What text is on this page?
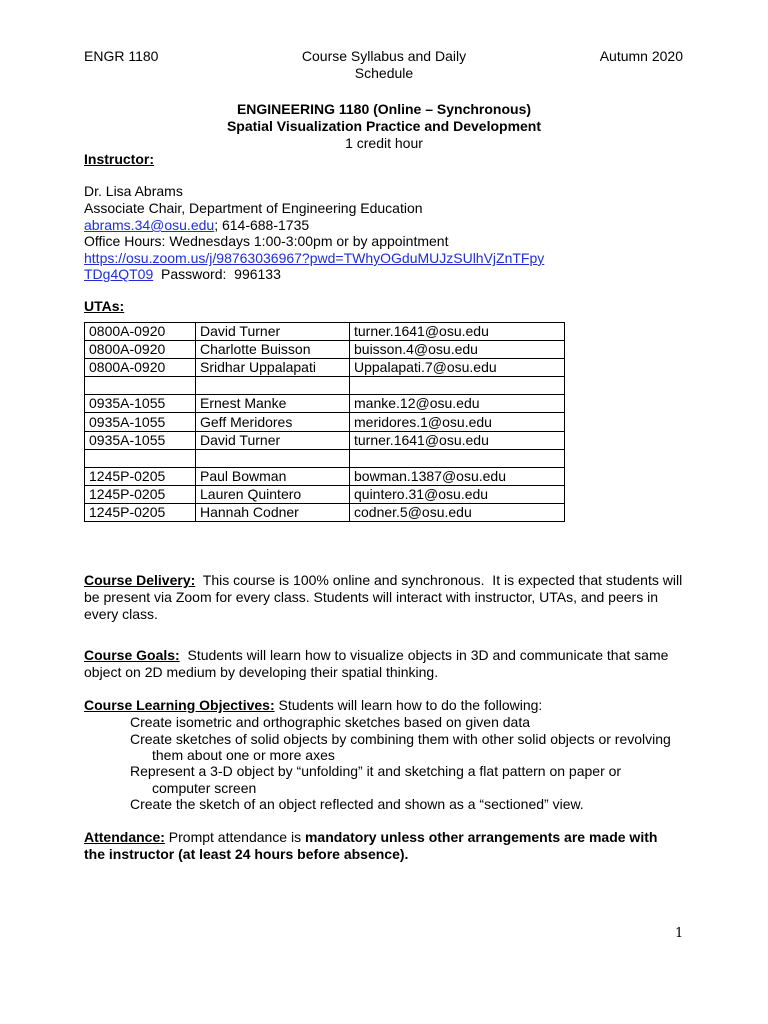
ENGR 1180	Course Syllabus and Daily
Schedule
Autumn 2020
ENGINEERING 1180 (Online – Synchronous)
Spatial Visualization Practice and Development
1 credit hour
Instructor:
Dr. Lisa Abrams
Associate Chair, Department of Engineering Education
abrams.34@osu.edu; 614-688-1735
Office Hours: Wednesdays 1:00-3:00pm or by appointment
https://osu.zoom.us/j/98763036967?pwd=TWhyOGduMUJzSUlhVjZnTFpy
TDg4QT09  Password:  996133
UTAs:
0800A-0920	David Turner	turner.1641@osu.edu
0800A-0920	Charlotte Buisson	buisson.4@osu.edu
0800A-0920	Sridhar Uppalapati	Uppalapati.7@osu.edu

0935A-1055	Ernest Manke	manke.12@osu.edu
0935A-1055	Geff Meridores	meridores.1@osu.edu
0935A-1055	David Turner	turner.1641@osu.edu

1245P-0205	Paul Bowman	bowman.1387@osu.edu
1245P-0205	Lauren Quintero	quintero.31@osu.edu
1245P-0205	Hannah Codner	codner.5@osu.edu
Course Delivery:  This course is 100% online and synchronous.  It is expected that students will be present via Zoom for every class. Students will interact with instructor, UTAs, and peers in every class.
Course Goals:  Students will learn how to visualize objects in 3D and communicate that same object on 2D medium by developing their spatial thinking.
Course Learning Objectives: Students will learn how to do the following:
Create isometric and orthographic sketches based on given data
Create sketches of solid objects by combining them with other solid objects or revolving
them about one or more axes
Represent a 3-D object by “unfolding” it and sketching a flat pattern on paper or
computer screen
Create the sketch of an object reflected and shown as a “sectioned” view.
Attendance: Prompt attendance is mandatory unless other arrangements are made with
the instructor (at least 24 hours before absence).
1
